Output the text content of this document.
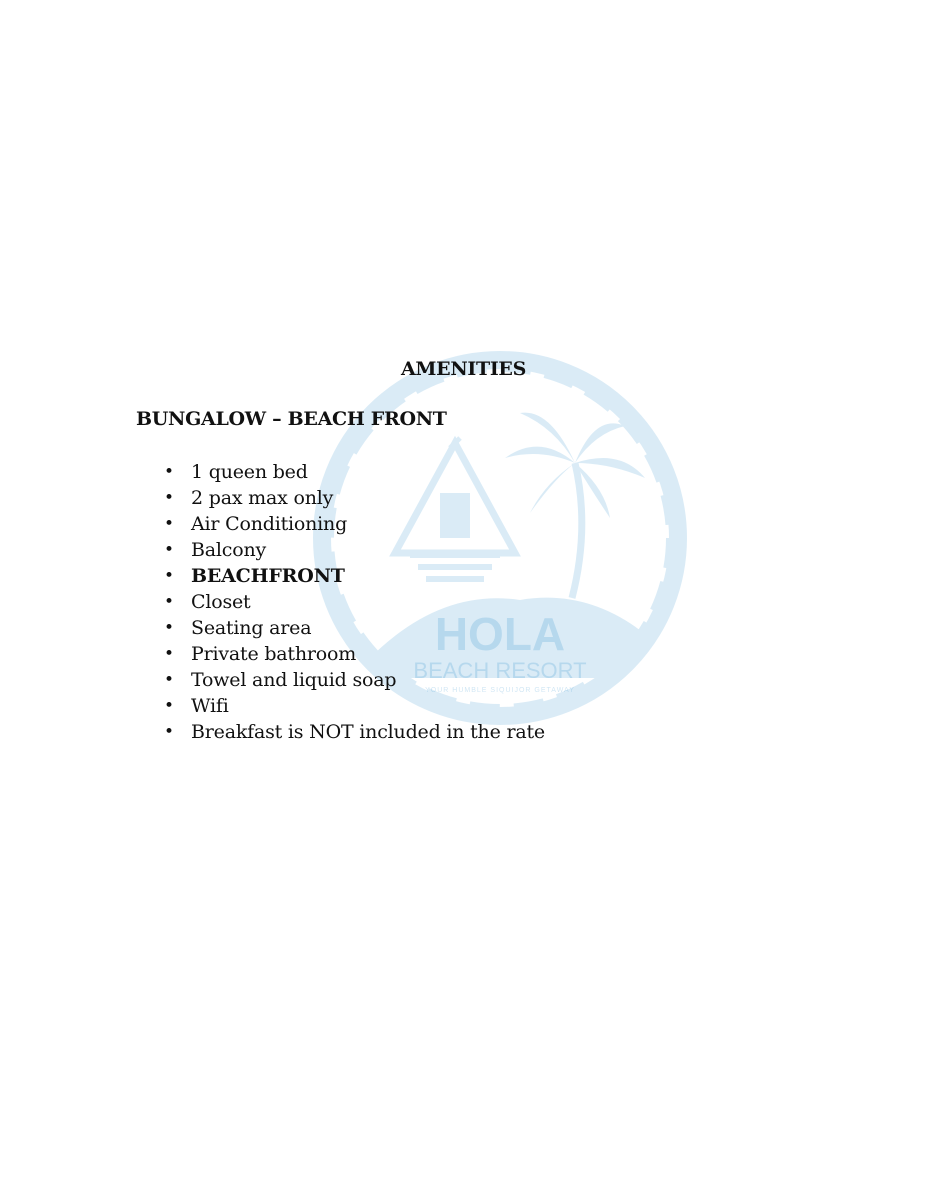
HOLA
BEACH RESORT
YOUR HUMBLE SIQUIJOR GETAWAY
AMENITIES
BUNGALOW – BEACH FRONT
• 1 queen bed
• 2 pax max only
• Air Conditioning
• Balcony
• BEACHFRONT
• Closet
• Seating area
• Private bathroom
• Towel and liquid soap
• Wifi
• Breakfast is NOT included in the rate
